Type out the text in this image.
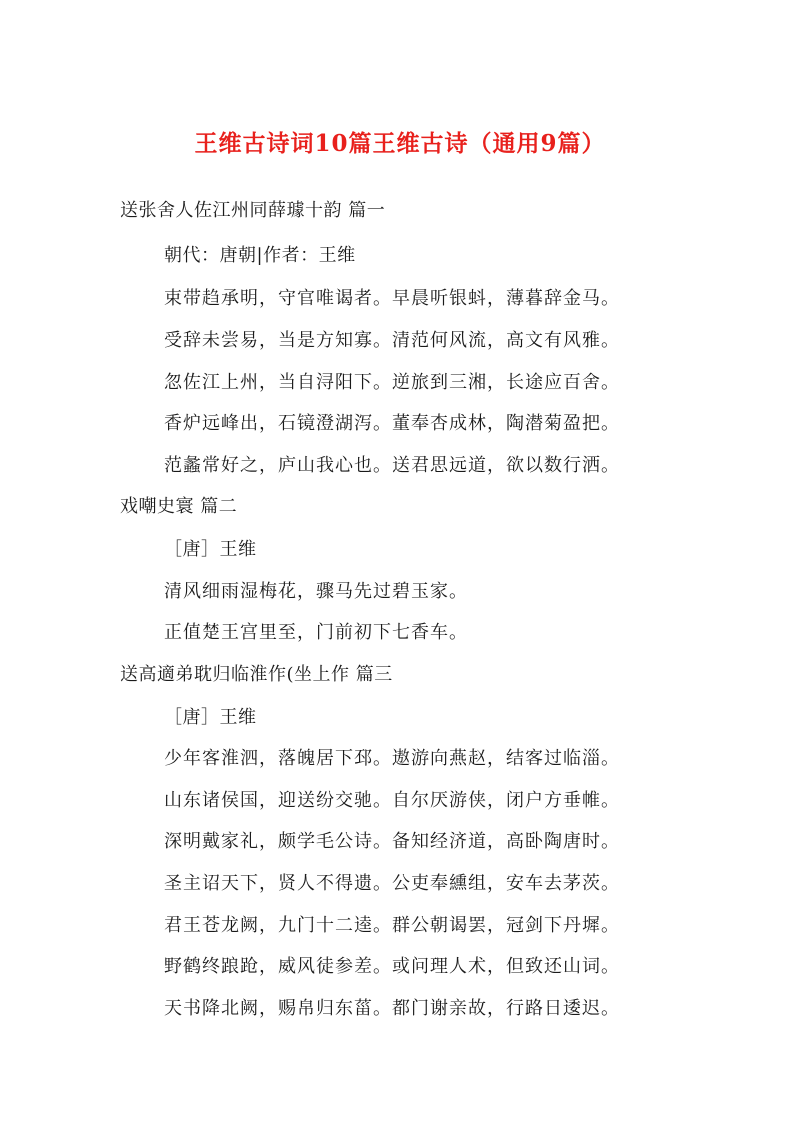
王维古诗词10篇王维古诗（通用9篇）
送张舍人佐江州同薛璩十韵 篇一
朝代：唐朝|作者：王维
束带趋承明，守官唯谒者。早晨听银蚪，薄暮辞金马。
受辞未尝易，当是方知寡。清范何风流，高文有风雅。
忽佐江上州，当自浔阳下。逆旅到三湘，长途应百舍。
香炉远峰出，石镜澄湖泻。董奉杏成林，陶潜菊盈把。
范蠡常好之，庐山我心也。送君思远道，欲以数行洒。
戏嘲史寰 篇二
［唐］王维
清风细雨湿梅花，骤马先过碧玉家。
正值楚王宫里至，门前初下七香车。
送高適弟耽归临淮作(坐上作 篇三
［唐］王维
少年客淮泗，落魄居下邳。遨游向燕赵，结客过临淄。
山东诸侯国，迎送纷交驰。自尔厌游侠，闭户方垂帷。
深明戴家礼，颇学毛公诗。备知经济道，高卧陶唐时。
圣主诏天下，贤人不得遗。公吏奉纁组，安车去茅茨。
君王苍龙阙，九门十二逵。群公朝谒罢，冠剑下丹墀。
野鹤终踉跄，威风徒参差。或问理人术，但致还山词。
天书降北阙，赐帛归东菑。都门谢亲故，行路日逶迟。
